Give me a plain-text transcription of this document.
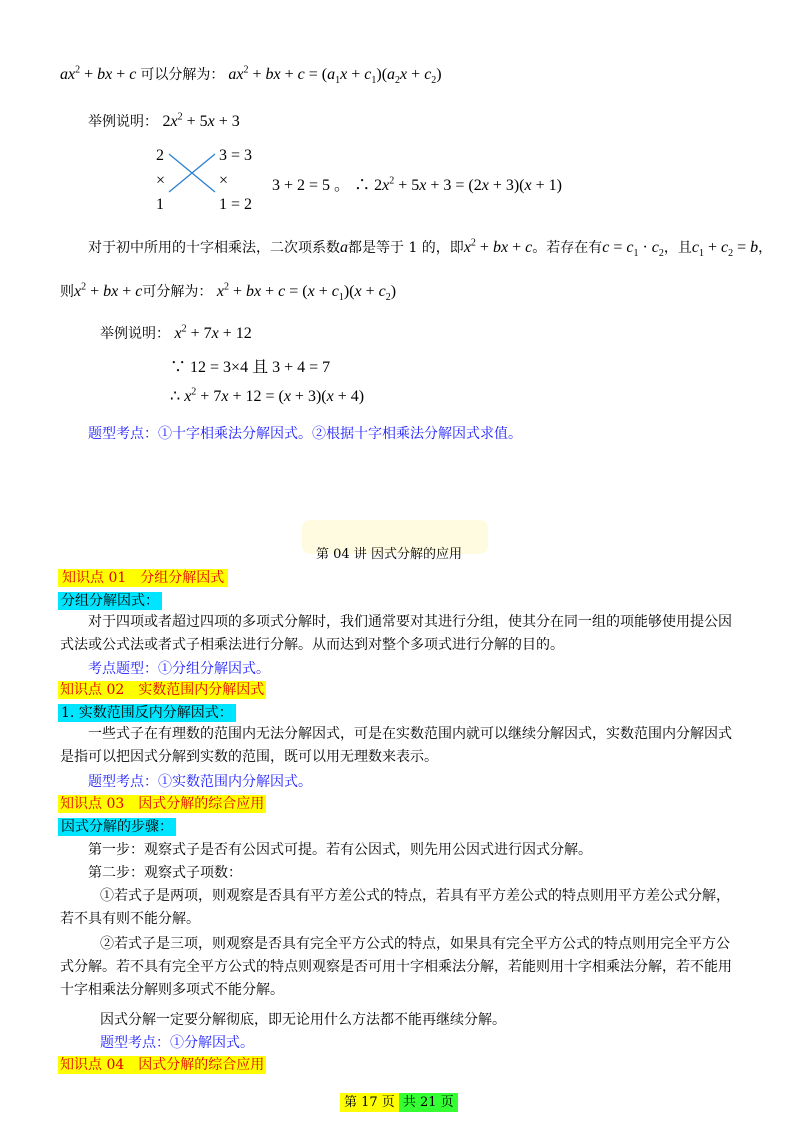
$ax^2$ + bx + c 可以分解为： $ax^2$ + bx + $c = (a_1x + c_1)(a_2x + c_2)$
举例说明： $2x^2 + 5x + 3$
2
×
1
3 = 3
×
1 = 2
3 + 2 = 5 。 ∴ $2x^2 + 5x + 3 = (2x + 3)(x + 1)$
对于初中所用的十字相乘法，二次项系数a都是等于 1 的，即$x^2$ + bx + c。若存在有$c = c_1 \cdot c_2$，且$c_1 + c_2 = b$，
则$x^2$ + bx + c可分解为： $x^2$ + bx + $c = (x + c_1)(x + c_2)$
举例说明： $x^2 + 7x + 12$
∵ 12 = 3×4 且 3 + 4 = 7
∴ $x^2 + 7x + 12 = (x + 3)(x + 4)$
题型考点：①十字相乘法分解因式。②根据十字相乘法分解因式求值。
第 04 讲 因式分解的应用
知识点 01　分组分解因式
分组分解因式：
对于四项或者超过四项的多项式分解时，我们通常要对其进行分组，使其分在同一组的项能够使用提公因式法或公式法或者式子相乘法进行分解。从而达到对整个多项式进行分解的目的。
考点题型：①分组分解因式。
知识点 02　实数范围内分解因式
1. 实数范围反内分解因式：
一些式子在有理数的范围内无法分解因式，可是在实数范围内就可以继续分解因式，实数范围内分解因式是指可以把因式分解到实数的范围，既可以用无理数来表示。
题型考点：①实数范围内分解因式。
知识点 03　因式分解的综合应用
因式分解的步骤：
第一步：观察式子是否有公因式可提。若有公因式，则先用公因式进行因式分解。
第二步：观察式子项数：
①若式子是两项，则观察是否具有平方差公式的特点，若具有平方差公式的特点则用平方差公式分解，若不具有则不能分解。
②若式子是三项，则观察是否具有完全平方公式的特点，如果具有完全平方公式的特点则用完全平方公式分解。若不具有完全平方公式的特点则观察是否可用十字相乘法分解，若能则用十字相乘法分解，若不能用十字相乘法分解则多项式不能分解。
因式分解一定要分解彻底，即无论用什么方法都不能再继续分解。
题型考点：①分解因式。
知识点 04　因式分解的综合应用
第 17 页 共 21 页
